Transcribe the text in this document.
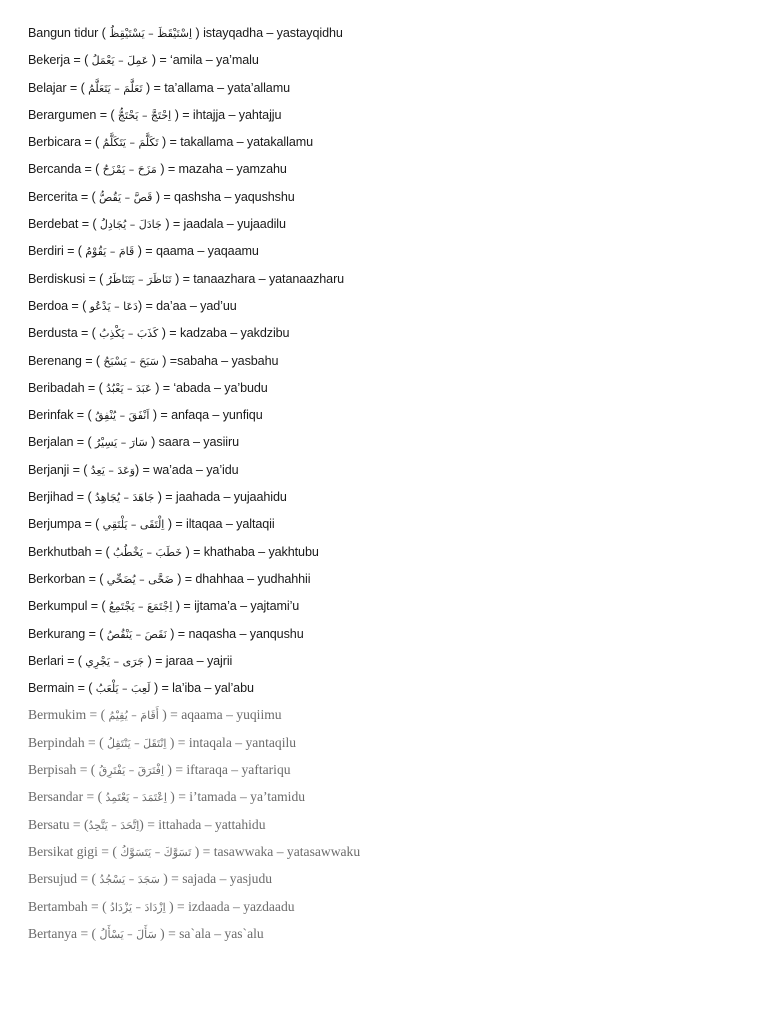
Bangun tidur ( اِسْتَيْقَظَ – يَسْتَيْقِظُ ) istayqadha – yastayqidhu
Bekerja = ( عَمِلَ – يَعْمَلُ ) = ‘amila – ya’malu
Belajar = ( تَعَلَّمَ – يَتَعَلَّمُ ) = ta’allama – yata’allamu
Berargumen = ( اِحْتَجَّ – يَحْتَجُّ ) = ihtajja – yahtajju
Berbicara = ( تَكَلَّمَ – يَتَكَلَّمُ ) = takallama – yatakallamu
Bercanda = ( مَزَحَ – يَمْزَحُ ) = mazaha – yamzahu
Bercerita = ( قَصَّ – يَقُصُّ ) = qashsha – yaqushshu
Berdebat = ( جَادَلَ – يُجَادِلُ ) = jaadala – yujaadilu
Berdiri = ( قَامَ – يَقُوْمُ ) = qaama – yaqaamu
Berdiskusi = ( تَنَاظَرَ – يَتَنَاظَرُ ) = tanaazhara – yatanaazharu
Berdoa = ( دَعَا – يَدْعُو) = da’aa – yad’uu
Berdusta = ( كَذَبَ – يَكْذِبُ ) = kadzaba – yakdzibu
Berenang = ( سَبَحَ – يَسْبَحُ ) =sabaha – yasbahu
Beribadah = ( عَبَدَ – يَعْبُدُ ) = ‘abada – ya’budu
Berinfak = ( اَنْفَقَ – يُنْفِقُ ) = anfaqa – yunfiqu
Berjalan = ( سَارَ – يَسِيْرُ ) saara – yasiiru
Berjanji = ( وَعَدَ – يَعِدُ) = wa’ada – ya’idu
Berjihad = ( جَاهَدَ – يُجَاهِدُ ) = jaahada – yujaahidu
Berjumpa = ( اِلْتَقَى – يَلْتَقِي ) = iltaqaa – yaltaqii
Berkhutbah = ( خَطَبَ – يَخْطُبُ ) = khathaba – yakhtubu
Berkorban = ( ضَحَّى – يُضَحِّي ) = dhahhaa – yudhahhii
Berkumpul = ( اِجْتَمَعَ – يَجْتَمِعُ ) = ijtama’a – yajtami’u
Berkurang = ( نَقَصَ – يَنْقُصُ ) = naqasha – yanqushu
Berlari = ( جَرَى – يَجْرِي ) = jaraa – yajrii
Bermain = ( لَعِبَ – يَلْعَبُ ) = la’iba – yal’abu
Bermukim = ( أَقَامَ – يُقِيْمُ ) = aqaama – yuqiimu
Berpindah = ( اِنْتَقَلَ – يَنْتَقِلُ ) = intaqala – yantaqilu
Berpisah = ( اِفْتَرَقَ – يَفْتَرِقُ ) = iftaraqa – yaftariqu
Bersandar = ( اِعْتَمَدَ – يَعْتَمِدُ ) = i’tamada – ya’tamidu
Bersatu = (اِتَّحَدَ – يَتَّحِدُ) = ittahada – yattahidu
Bersikat gigi = ( تَسَوَّكَ – يَتَسَوَّكُ ) = tasawwaka – yatasawwaku
Bersujud = ( سَجَدَ – يَسْجُدُ ) = sajada – yasjudu
Bertambah = ( اِزْدَادَ – يَزْدَادُ ) = izdaada – yazdaadu
Bertanya = ( سَأَلَ – يَسْأَلُ ) = sa`ala – yas`alu
